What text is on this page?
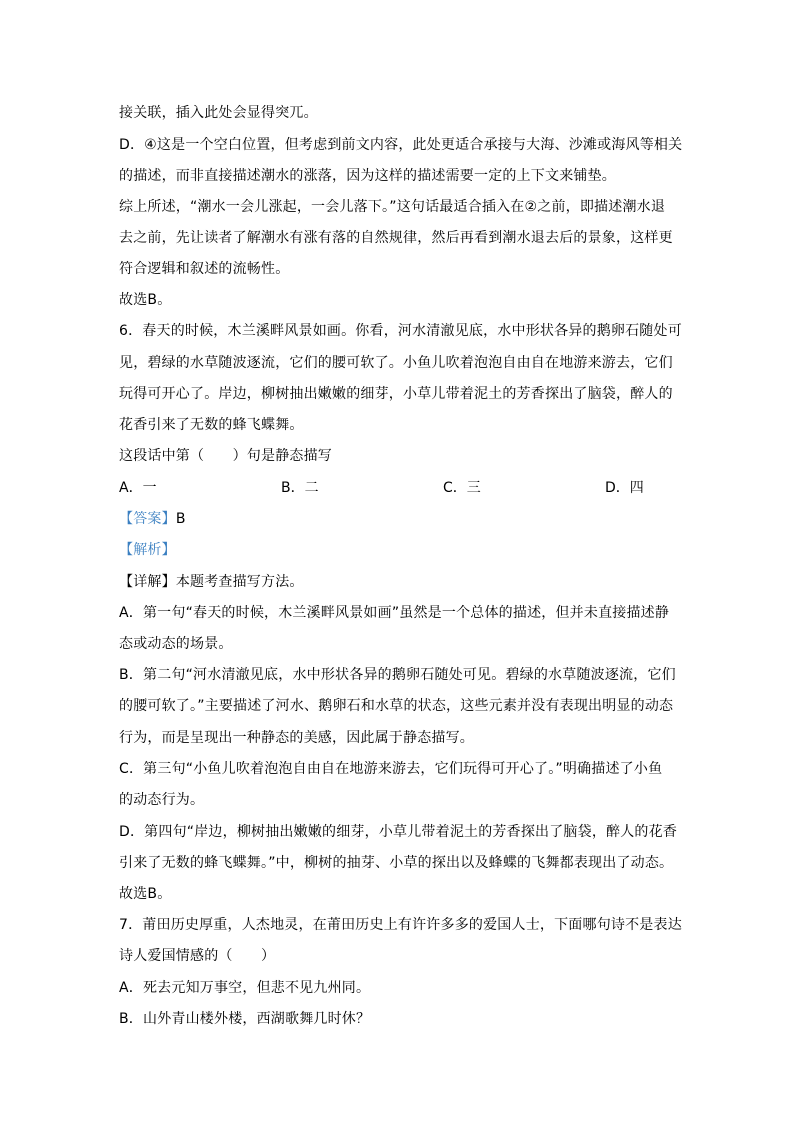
接关联，插入此处会显得突兀。
D．④这是一个空白位置，但考虑到前文内容，此处更适合承接与大海、沙滩或海风等相关
的描述，而非直接描述潮水的涨落，因为这样的描述需要一定的上下文来铺垫。
综上所述，“潮水一会儿涨起，一会儿落下。”这句话最适合插入在②之前，即描述潮水退
去之前，先让读者了解潮水有涨有落的自然规律，然后再看到潮水退去后的景象，这样更
符合逻辑和叙述的流畅性。
故选B。
6．春天的时候，木兰溪畔风景如画。你看，河水清澈见底，水中形状各异的鹅卵石随处可
见，碧绿的水草随波逐流，它们的腰可软了。小鱼儿吹着泡泡自由自在地游来游去，它们
玩得可开心了。岸边，柳树抽出嫩嫩的细芽，小草儿带着泥土的芳香探出了脑袋，醉人的
花香引来了无数的蜂飞蝶舞。
这段话中第（　　）句是静态描写
A．一	B．二	C．三	D．四
【答案】B
【解析】
【详解】本题考查描写方法。
A．第一句“春天的时候，木兰溪畔风景如画”虽然是一个总体的描述，但并未直接描述静
态或动态的场景。
B．第二句“河水清澈见底，水中形状各异的鹅卵石随处可见。碧绿的水草随波逐流，它们
的腰可软了。”主要描述了河水、鹅卵石和水草的状态，这些元素并没有表现出明显的动态
行为，而是呈现出一种静态的美感，因此属于静态描写。
C．第三句“小鱼儿吹着泡泡自由自在地游来游去，它们玩得可开心了。”明确描述了小鱼
的动态行为。
D．第四句“岸边，柳树抽出嫩嫩的细芽，小草儿带着泥土的芳香探出了脑袋，醉人的花香
引来了无数的蜂飞蝶舞。”中，柳树的抽芽、小草的探出以及蜂蝶的飞舞都表现出了动态。
故选B。
7．莆田历史厚重，人杰地灵，在莆田历史上有许许多多的爱国人士，下面哪句诗不是表达
诗人爱国情感的（　　）
A．死去元知万事空，但悲不见九州同。
B．山外青山楼外楼，西湖歌舞几时休？
